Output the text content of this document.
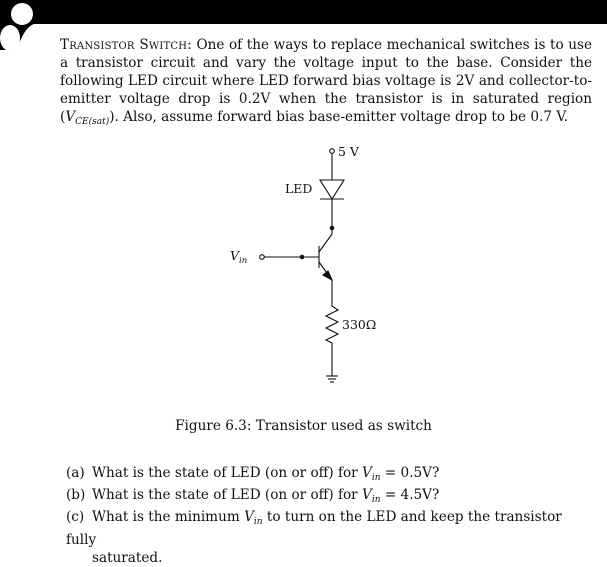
Transistor Switch: One of the ways to replace mechanical switches is to use a transistor circuit and vary the voltage input to the base. Consider the following LED circuit where LED forward bias voltage is 2V and collector-to-emitter voltage drop is 0.2V when the transistor is in saturated region $(V_{CE(sat)})$. Also, assume forward bias base-emitter voltage drop to be 0.7 V.

5 V
LED
$V_{in}$
330Ω
Figure 6.3: Transistor used as switch
(a) What is the state of LED (on or off) for $V_{in} = 0.5V$?
(b) What is the state of LED (on or off) for $V_{in} = 4.5V$?
(c) What is the minimum $V_{in}$ to turn on the LED and keep the transistor fully
saturated.
